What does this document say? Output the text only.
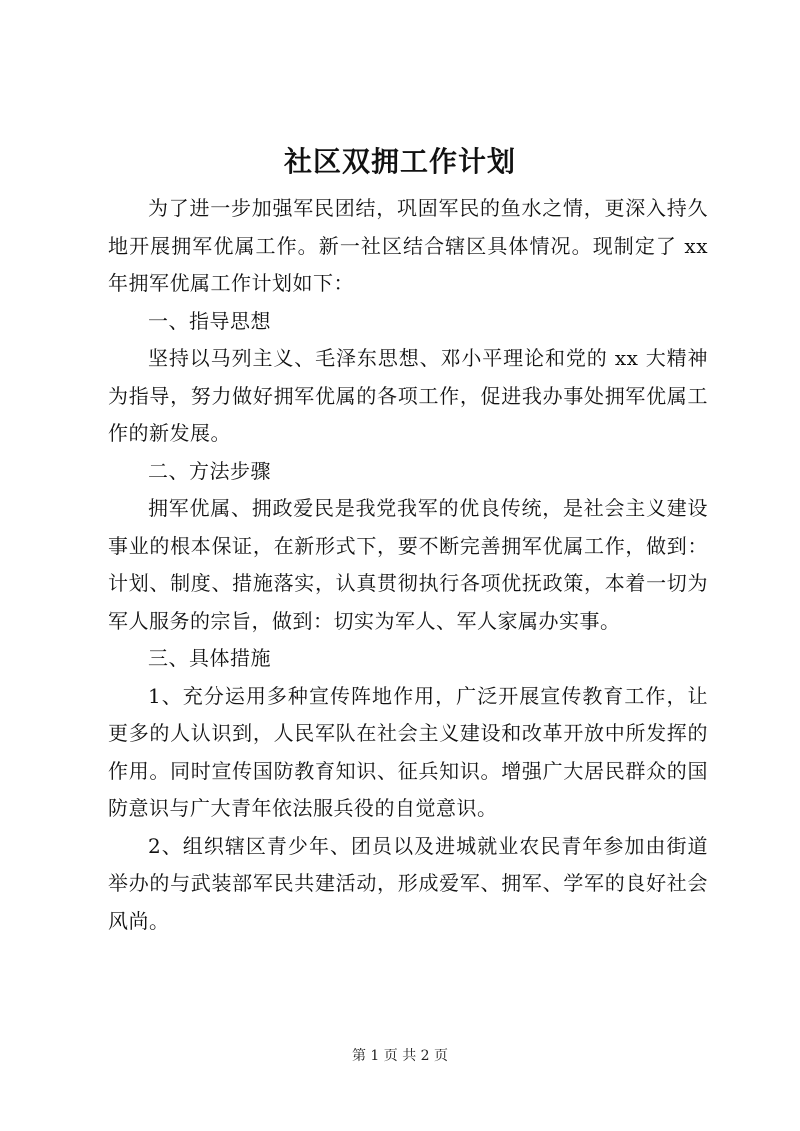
社区双拥工作计划

为了进一步加强军民团结，巩固军民的鱼水之情，更深入持久地开展拥军优属工作。新一社区结合辖区具体情况。现制定了 xx 年拥军优属工作计划如下：

一、指导思想

坚持以马列主义、毛泽东思想、邓小平理论和党的 xx 大精神为指导，努力做好拥军优属的各项工作，促进我办事处拥军优属工作的新发展。

二、方法步骤

拥军优属、拥政爱民是我党我军的优良传统，是社会主义建设事业的根本保证，在新形式下，要不断完善拥军优属工作，做到：计划、制度、措施落实，认真贯彻执行各项优抚政策，本着一切为军人服务的宗旨，做到：切实为军人、军人家属办实事。

三、具体措施

1、充分运用多种宣传阵地作用，广泛开展宣传教育工作，让更多的人认识到，人民军队在社会主义建设和改革开放中所发挥的作用。同时宣传国防教育知识、征兵知识。增强广大居民群众的国防意识与广大青年依法服兵役的自觉意识。

2、组织辖区青少年、团员以及进城就业农民青年参加由街道举办的与武装部军民共建活动，形成爱军、拥军、学军的良好社会风尚。

第 1 页 共 2 页
